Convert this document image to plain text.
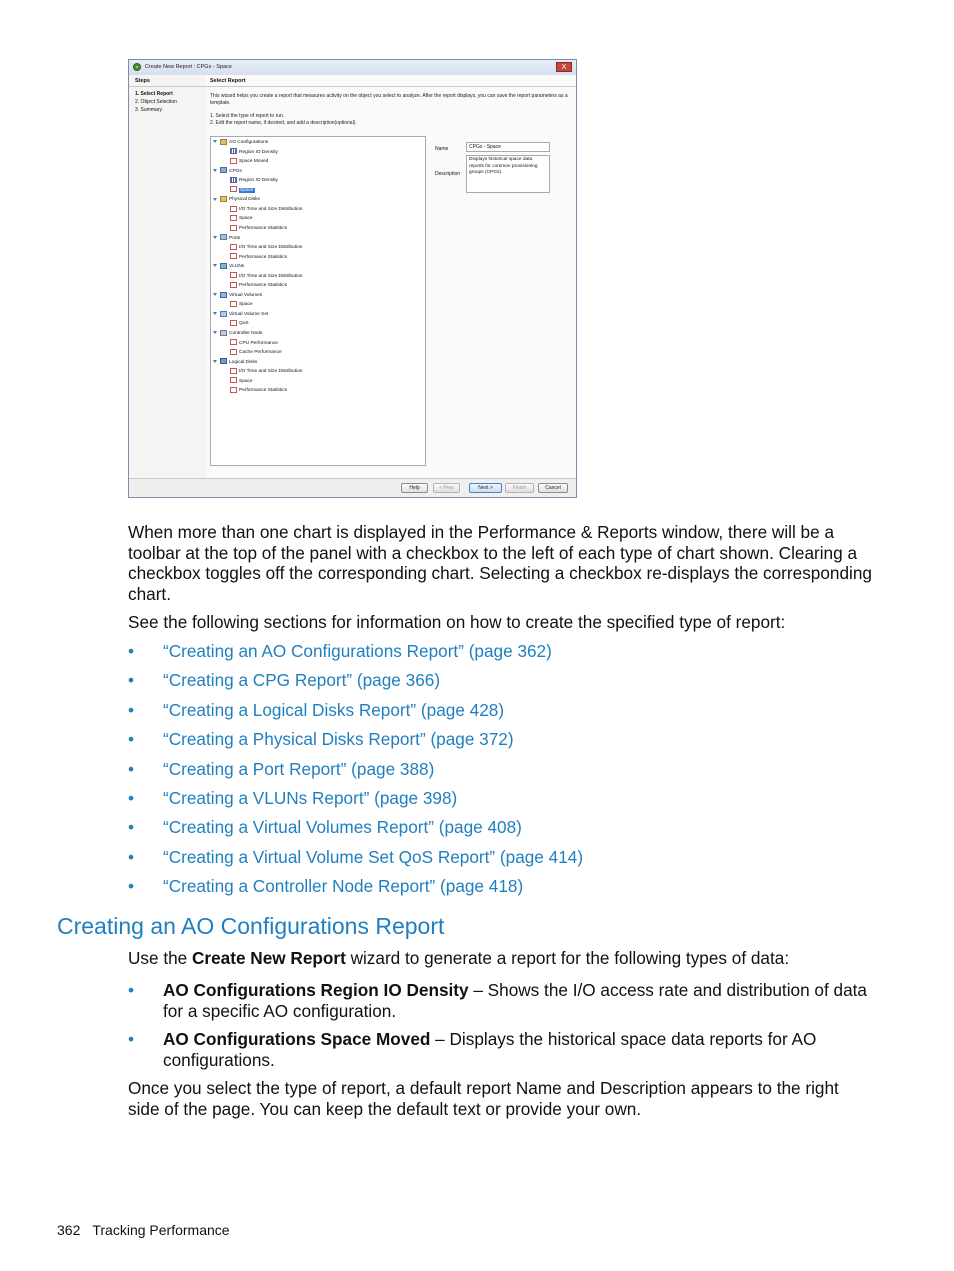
Create New Report : CPGs - Space	X
Steps
1. Select Report
2. Object Selection
3. Summary
Select Report
This wizard helps you create a report that measures activity on the object you select to analyze. After the report displays, you can save the report parameters as a template.
1. Select the type of report to run.
2. Edit the report name, if desired, and add a description(optional).
AO Configurations
Region IO Density
Space Moved
CPGs
Region IO Density
Space
Physical Disks
I/O Time and Size Distribution
Space
Performance Statistics
Ports
I/O Time and Size Distribution
Performance Statistics
VLUNs
I/O Time and Size Distribution
Performance Statistics
Virtual Volumes
Space
Virtual Volume Set
QoS
Controller Node
CPU Performance
Cache Performance
Logical Disks
I/O Time and Size Distribution
Space
Performance Statistics
Name	CPGs - Space
Description
Displays historical space data reports for common provisioning groups (CPGs).
Help	< Prev	Next >	Finish	Cancel
When more than one chart is displayed in the Performance & Reports window, there will be a toolbar at the top of the panel with a checkbox to the left of each type of chart shown. Clearing a checkbox toggles off the corresponding chart. Selecting a checkbox re-displays the corresponding chart.
See the following sections for information on how to create the specified type of report:
• “Creating an AO Configurations Report” (page 362)
• “Creating a CPG Report” (page 366)
• “Creating a Logical Disks Report” (page 428)
• “Creating a Physical Disks Report” (page 372)
• “Creating a Port Report” (page 388)
• “Creating a VLUNs Report” (page 398)
• “Creating a Virtual Volumes Report” (page 408)
• “Creating a Virtual Volume Set QoS Report” (page 414)
• “Creating a Controller Node Report” (page 418)
Creating an AO Configurations Report
Use the Create New Report wizard to generate a report for the following types of data:
• AO Configurations Region IO Density – Shows the I/O access rate and distribution of data for a specific AO configuration.
• AO Configurations Space Moved – Displays the historical space data reports for AO configurations.
Once you select the type of report, a default report Name and Description appears to the right side of the page. You can keep the default text or provide your own.
362 Tracking Performance
